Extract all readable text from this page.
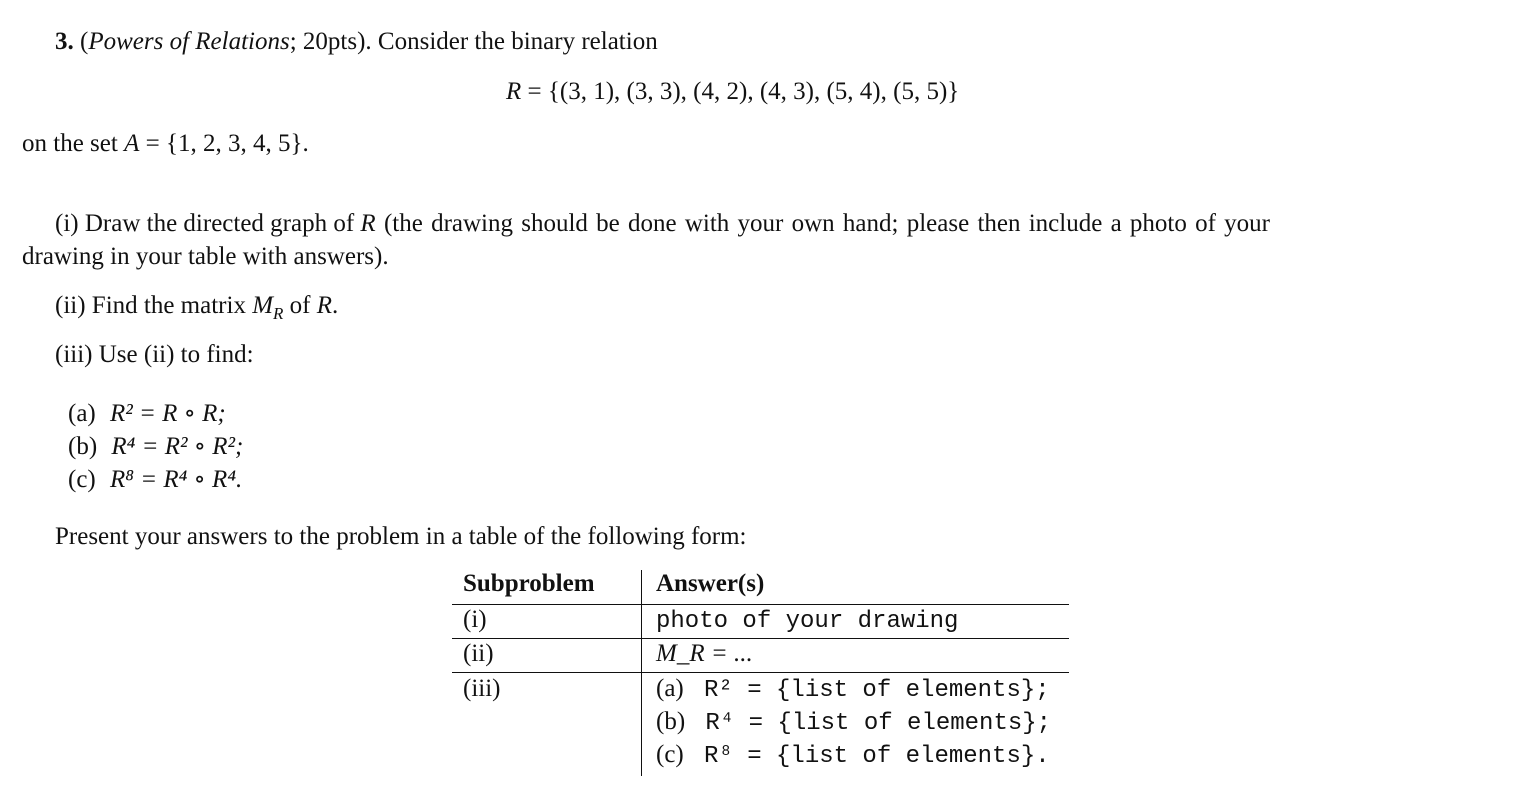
3. (Powers of Relations; 20pts). Consider the binary relation
R = {(3, 1), (3, 3), (4, 2), (4, 3), (5, 4), (5, 5)}
on the set A = {1, 2, 3, 4, 5}.
(i) Draw the directed graph of R (the drawing should be done with your own hand; please then include a photo of your
drawing in your table with answers).
(ii) Find the matrix $M_R$ of R.
(iii) Use (ii) to find:
(a) R² = R ∘ R;
(b) R⁴ = R² ∘ R²;
(c) R⁸ = R⁴ ∘ R⁴.
Present your answers to the problem in a table of the following form:
Subproblem Answer(s)
(i)	photo of your drawing
(ii)	M_R = ...
(iii)	(a) R² = {list of elements};
(b) R⁴ = {list of elements};
(c) R⁸ = {list of elements}.
